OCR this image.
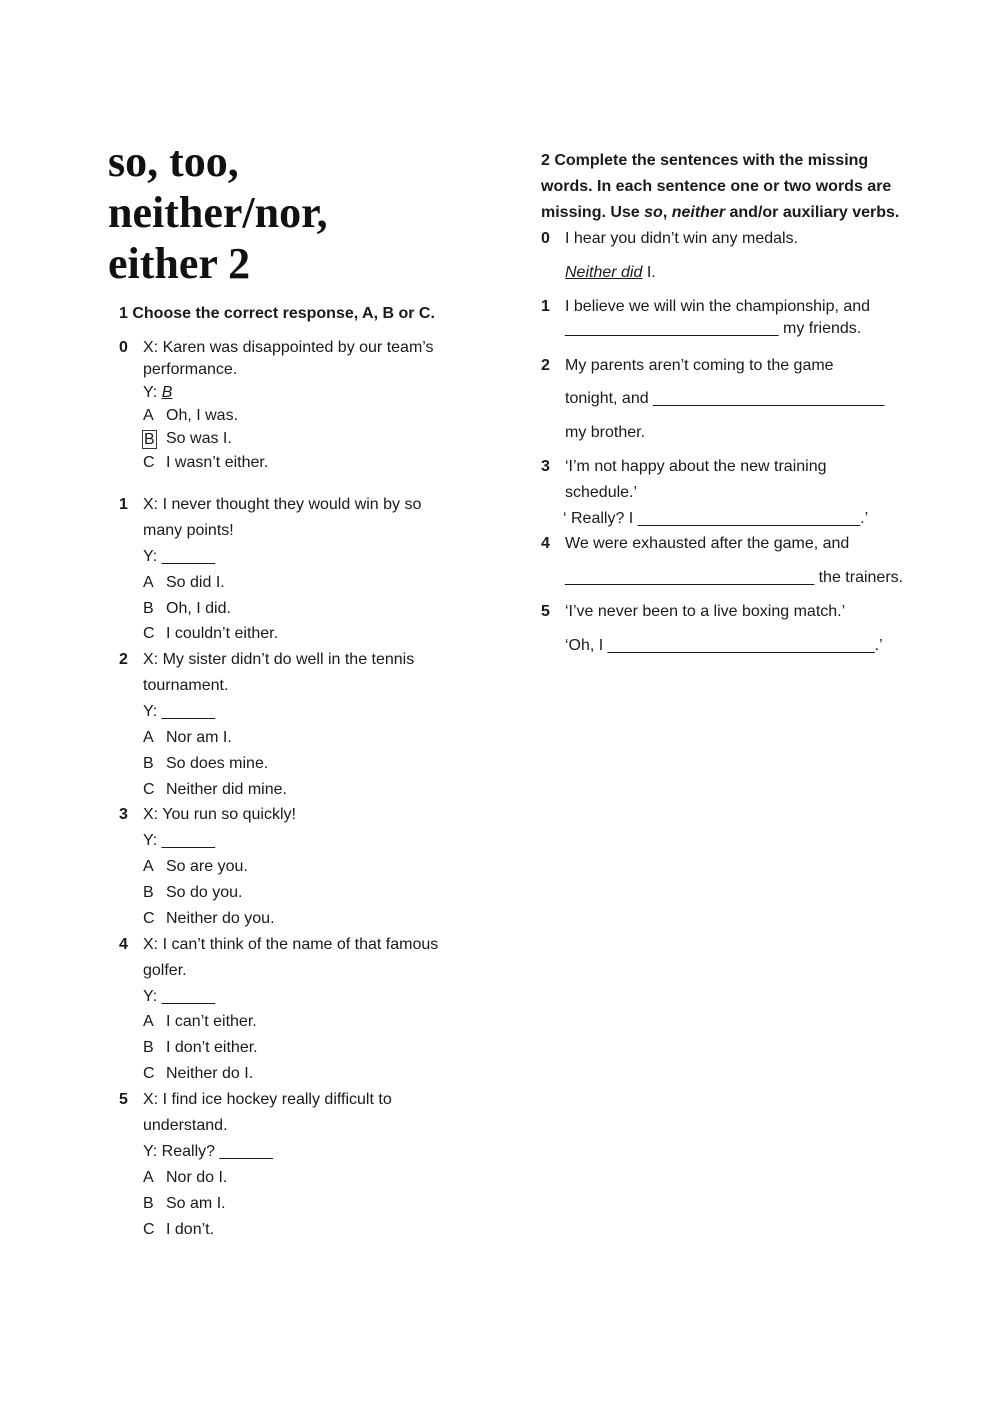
so, too,
neither/nor,
either 2
1 Choose the correct response, A, B or C.
0 X: Karen was disappointed by our team’s
performance.
Y: B
A Oh, I was.
B So was I.
C I wasn’t either.
1 X: I never thought they would win by so
many points!
Y: ______
A So did I.
B Oh, I did.
C I couldn’t either.
2 X: My sister didn’t do well in the tennis
tournament.
Y: ______
A Nor am I.
B So does mine.
C Neither did mine.
3 X: You run so quickly!
Y: ______
A So are you.
B So do you.
C Neither do you.
4 X: I can’t think of the name of that famous
golfer.
Y: ______
A I can’t either.
B I don’t either.
C Neither do I.
5 X: I find ice hockey really difficult to
understand.
Y: Really? ______
A Nor do I.
B So am I.
C I don’t.
2 Complete the sentences with the missing
words. In each sentence one or two words are
missing. Use so, neither and/or auxiliary verbs.
0 I hear you didn’t win any medals.
Neither did I.
1 I believe we will win the championship, and
________________________ my friends.
2 My parents aren’t coming to the game
tonight, and __________________________
my brother.
3 ‘I’m not happy about the new training
schedule.’
‘ Really? I _________________________.’
4 We were exhausted after the game, and
____________________________ the trainers.
5 ‘I’ve never been to a live boxing match.’
‘Oh, I ______________________________.’
